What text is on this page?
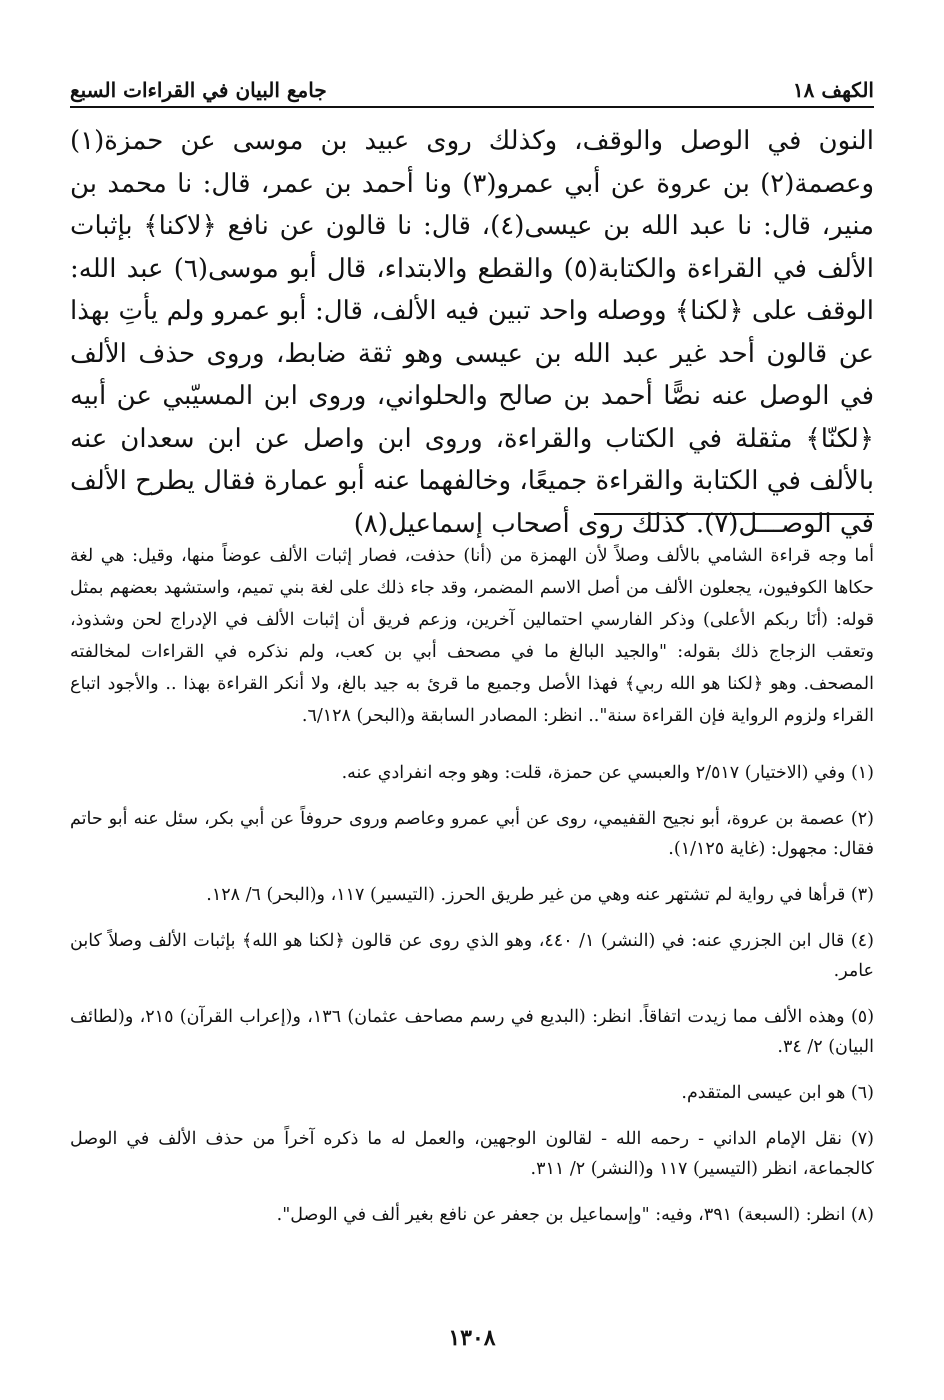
الكهف ١٨
جامع البيان في القراءات السبع

النون في الوصل والوقف، وكذلك روى عبيد بن موسى عن حمزة(١) وعصمة(٢) بن عروة عن أبي عمرو(٣) ونا أحمد بن عمر، قال: نا محمد بن منير، قال: نا عبد الله بن عيسى(٤)، قال: نا قالون عن نافع ﴿لاكنا﴾ بإثبات الألف في القراءة والكتابة(٥) والقطع والابتداء، قال أبو موسى(٦) عبد الله: الوقف على ﴿لكنا﴾ ووصله واحد تبين فيه الألف، قال: أبو عمرو ولم يأتِ بهذا عن قالون أحد غير عبد الله بن عيسى وهو ثقة ضابط، وروى حذف الألف في الوصل عنه نصًّا أحمد بن صالح والحلواني، وروى ابن المسيّبي عن أبيه ﴿لكنّا﴾ مثقلة في الكتاب والقراءة، وروى ابن واصل عن ابن سعدان عنه بالألف في الكتابة والقراءة جميعًا، وخالفهما عنه أبو عمارة فقال يطرح الألف في الوصـــل(٧). كذلك روى أصحاب إسماعيل(٨)

أما وجه قراءة الشامي بالألف وصلاً لأن الهمزة من (أنا) حذفت، فصار إثبات الألف عوضاً منها، وقيل: هي لغة حكاها الكوفيون، يجعلون الألف من أصل الاسم المضمر، وقد جاء ذلك على لغة بني تميم، واستشهد بعضهم بمثل قوله: (أنَا ربكم الأعلى) وذكر الفارسي احتمالين آخرين، وزعم فريق أن إثبات الألف في الإدراج لحن وشذوذ، وتعقب الزجاج ذلك بقوله: "والجيد البالغ ما في مصحف أبي بن كعب، ولم نذكره في القراءات لمخالفته المصحف. وهو ﴿لكنا هو الله ربي﴾ فهذا الأصل وجميع ما قرئ به جيد بالغ، ولا أنكر القراءة بهذا .. والأجود اتباع القراء ولزوم الرواية فإن القراءة سنة".. انظر: المصادر السابقة و(البحر) ٦/١٢٨.

(١) وفي (الاختيار) ٢/٥١٧ والعبسي عن حمزة، قلت: وهو وجه انفرادي عنه.

(٢) عصمة بن عروة، أبو نجيح القفيمي، روى عن أبي عمرو وعاصم وروى حروفاً عن أبي بكر، سئل عنه أبو حاتم فقال: مجهول: (غاية ١/١٢٥).

(٣) قرأها في رواية لم تشتهر عنه وهي من غير طريق الحرز. (التيسير) ١١٧، و(البحر) ٦/ ١٢٨.

(٤) قال ابن الجزري عنه: في (النشر) ١/ ٤٤٠، وهو الذي روى عن قالون ﴿لكنا هو الله﴾ بإثبات الألف وصلاً كابن عامر.

(٥) وهذه الألف مما زيدت اتفاقاً. انظر: (البديع في رسم مصاحف عثمان) ١٣٦، و(إعراب القرآن) ٢١٥، و(لطائف البيان) ٢/ ٣٤.

(٦) هو ابن عيسى المتقدم.

(٧) نقل الإمام الداني - رحمه الله - لقالون الوجهين، والعمل له ما ذكره آخراً من حذف الألف في الوصل كالجماعة، انظر (التيسير) ١١٧ و(النشر) ٢/ ٣١١.

(٨) انظر: (السبعة) ٣٩١، وفيه: "وإسماعيل بن جعفر عن نافع بغير ألف في الوصل".

١٣٠٨
